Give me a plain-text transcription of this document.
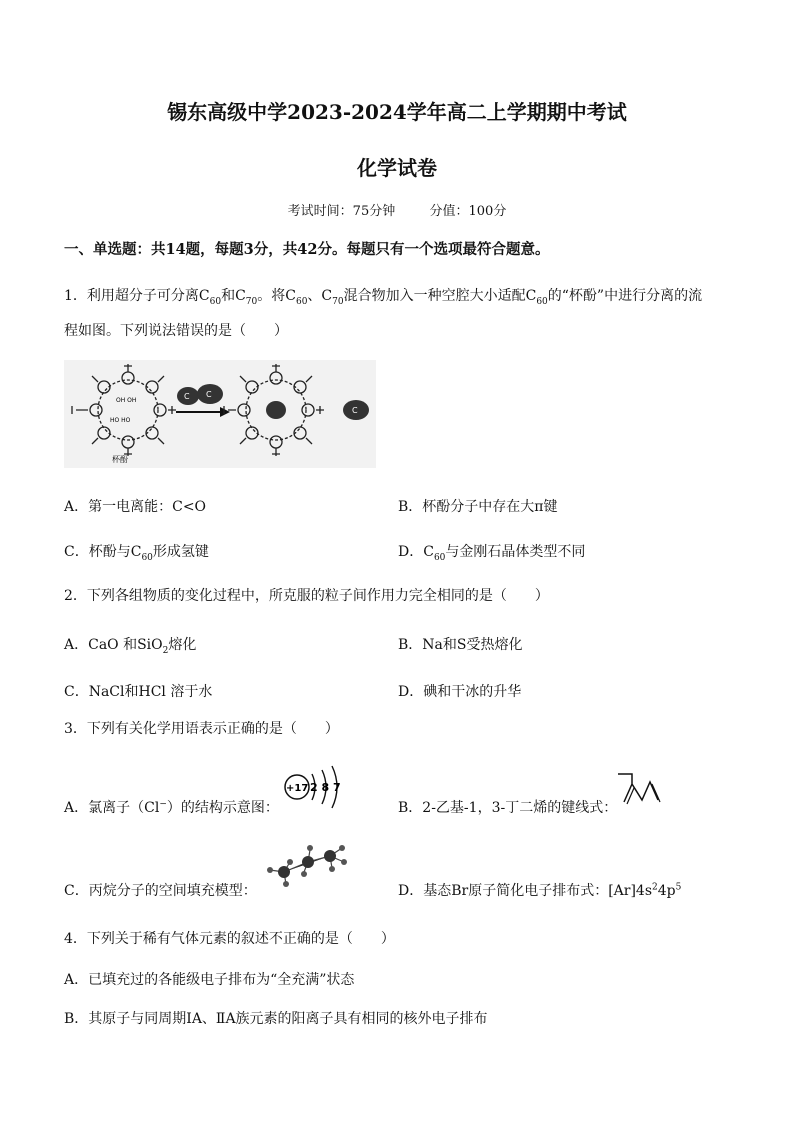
锡东高级中学2023-2024学年高二上学期期中考试
化学试卷
考试时间：75分钟	分值：100分
一、单选题：共14题，每题3分，共42分。每题只有一个选项最符合题意。
1．利用超分子可分离$C_{60}$和$C_{70}$。将$C_{60}$、$C_{70}$混合物加入一种空腔大小适配$C_{60}$的“杯酚”中进行分离的流
程如图。下列说法错误的是（　　）
OH OH
HO HO
杯酚
C C
C
A．第一电离能：C<O	B．杯酚分子中存在大π键
C．杯酚与$C_{60}$形成氢键	D．$C_{60}$与金刚石晶体类型不同
2．下列各组物质的变化过程中，所克服的粒子间作用力完全相同的是（　　）
A．CaO 和SiO$_2$熔化	B．Na和S受热熔化
C．NaCl和HCl 溶于水	D．碘和干冰的升华
3．下列有关化学用语表示正确的是（　　）
A．氯离子（Cl−）的结构示意图：
+17 2 8 7
B．2-乙基-1，3-丁二烯的键线式：
C．丙烷分子的空间填充模型：	D．基态Br原子简化电子排布式：$[Ar]4s^24p^5$
4．下列关于稀有气体元素的叙述不正确的是（　　）
A．已填充过的各能级电子排布为“全充满”状态
B．其原子与同周期ⅠA、ⅡA族元素的阳离子具有相同的核外电子排布
